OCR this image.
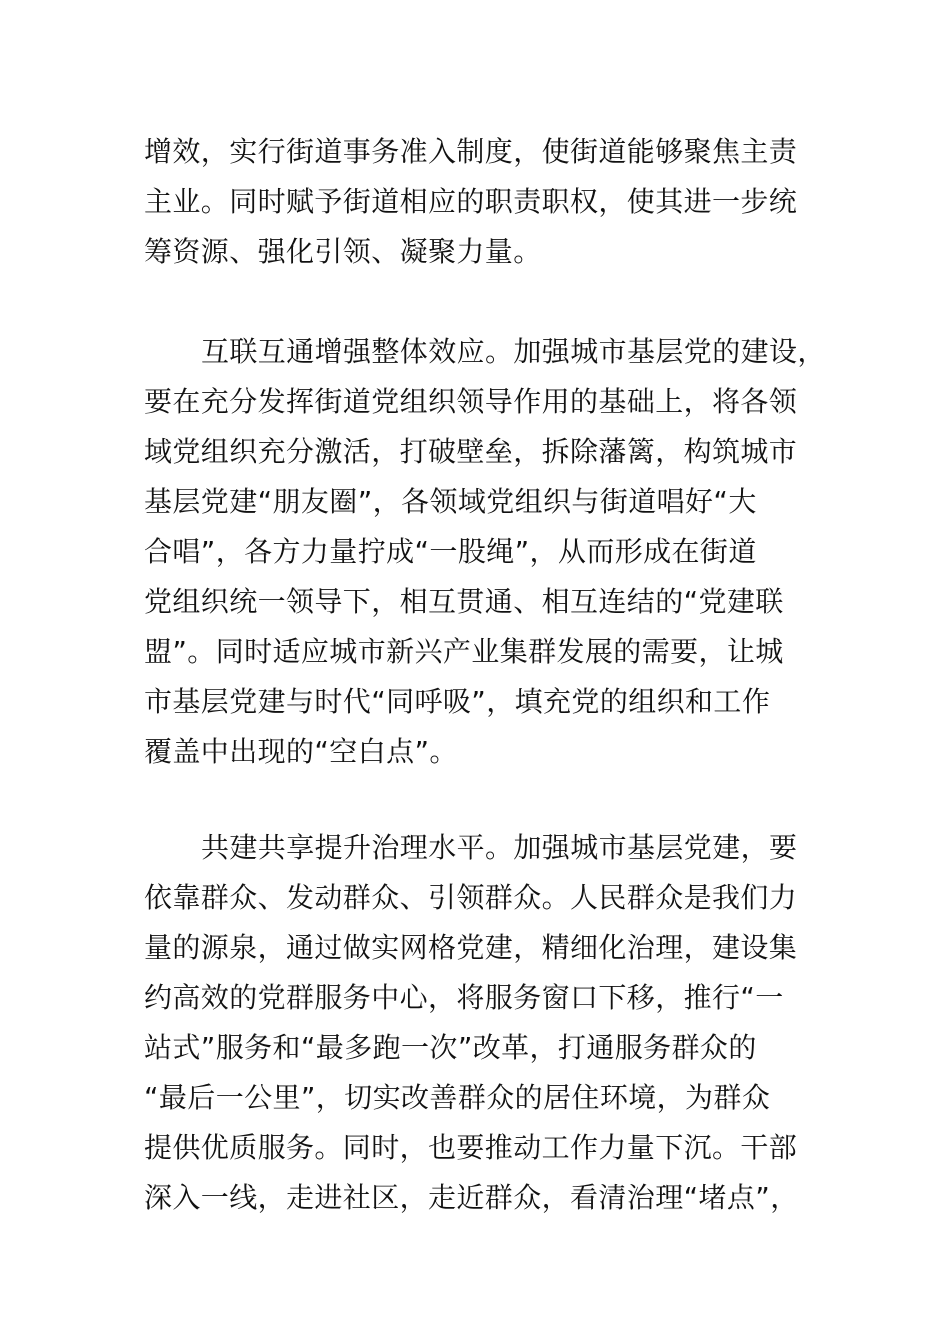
增效，实行街道事务准入制度，使街道能够聚焦主责
主业。同时赋予街道相应的职责职权，使其进一步统
筹资源、强化引领、凝聚力量。
互联互通增强整体效应。加强城市基层党的建设，
要在充分发挥街道党组织领导作用的基础上，将各领
域党组织充分激活，打破壁垒，拆除藩篱，构筑城市
基层党建“朋友圈”，各领域党组织与街道唱好“大
合唱”，各方力量拧成“一股绳”，从而形成在街道
党组织统一领导下，相互贯通、相互连结的“党建联
盟”。同时适应城市新兴产业集群发展的需要，让城
市基层党建与时代“同呼吸”，填充党的组织和工作
覆盖中出现的“空白点”。
共建共享提升治理水平。加强城市基层党建，要
依靠群众、发动群众、引领群众。人民群众是我们力
量的源泉，通过做实网格党建，精细化治理，建设集
约高效的党群服务中心，将服务窗口下移，推行“一
站式”服务和“最多跑一次”改革，打通服务群众的
“最后一公里”，切实改善群众的居住环境，为群众
提供优质服务。同时，也要推动工作力量下沉。干部
深入一线，走进社区，走近群众，看清治理“堵点”，
